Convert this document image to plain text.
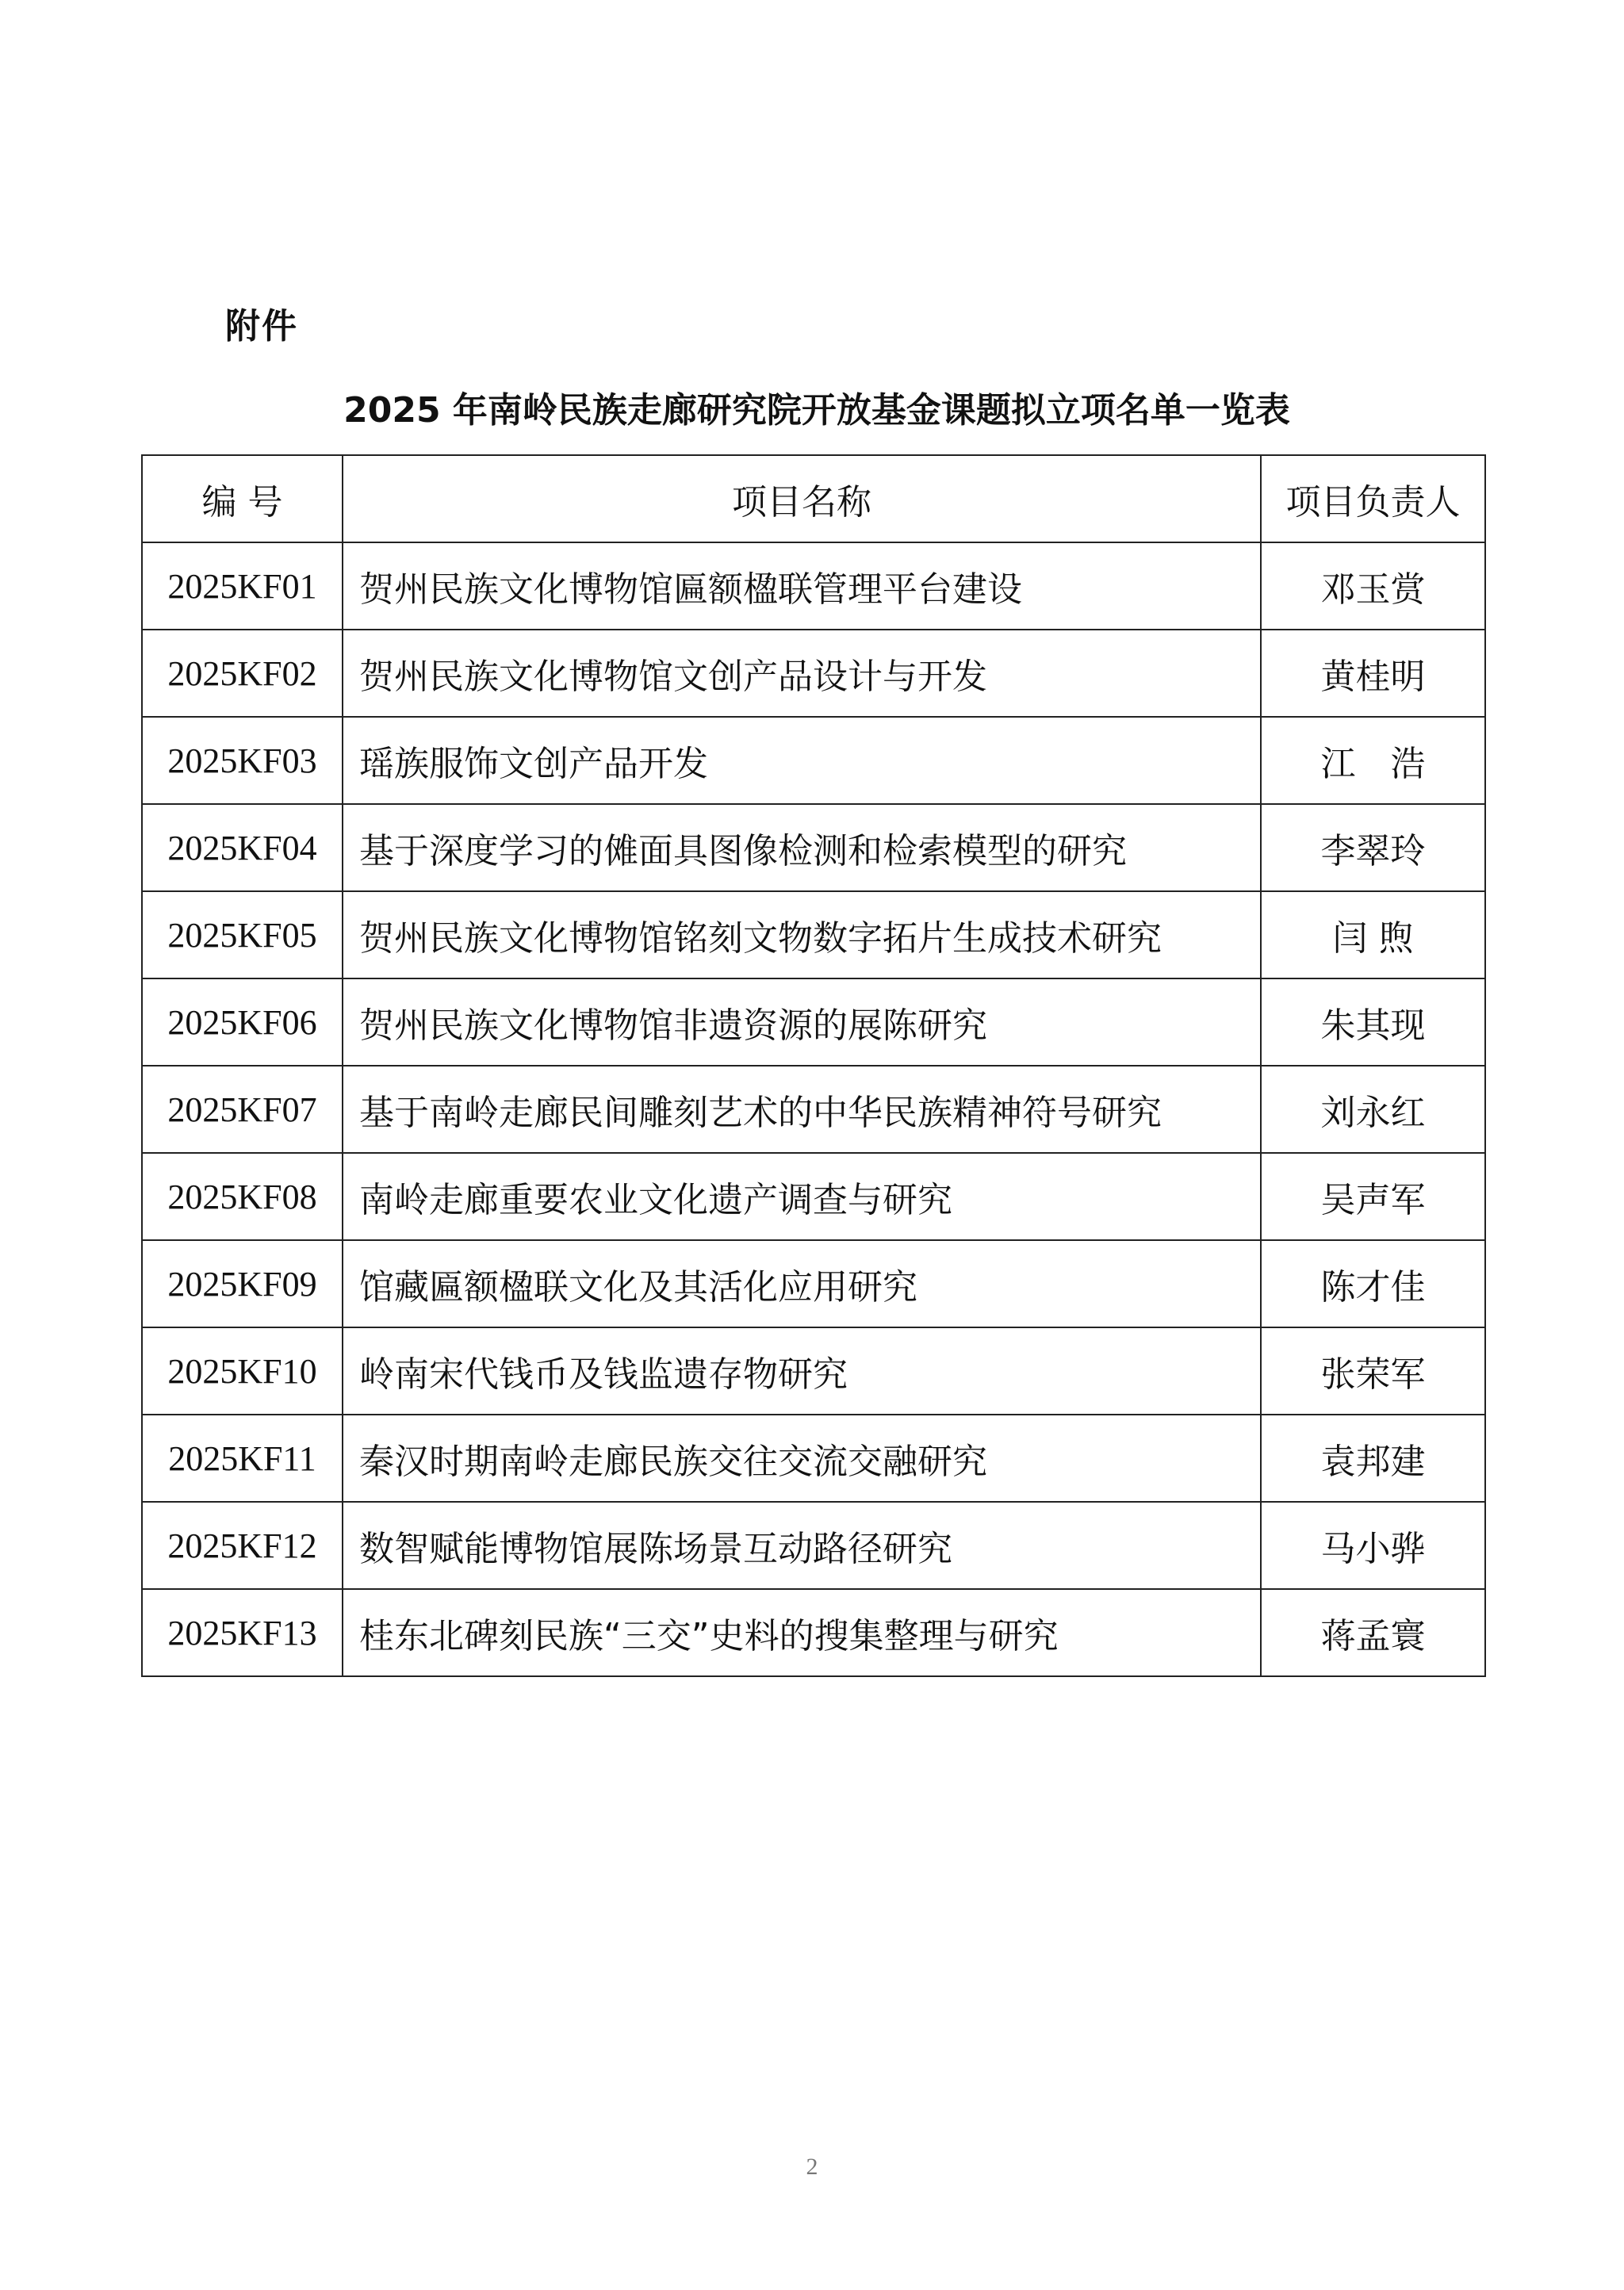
附件
2025 年南岭民族走廊研究院开放基金课题拟立项名单一览表
编 号	项目名称	项目负责人
2025KF01	贺州民族文化博物馆匾额楹联管理平台建设	邓玉赏
2025KF02	贺州民族文化博物馆文创产品设计与开发	黄桂明
2025KF03	瑶族服饰文创产品开发	江　浩
2025KF04	基于深度学习的傩面具图像检测和检索模型的研究	李翠玲
2025KF05	贺州民族文化博物馆铭刻文物数字拓片生成技术研究	闫 煦
2025KF06	贺州民族文化博物馆非遗资源的展陈研究	朱其现
2025KF07	基于南岭走廊民间雕刻艺术的中华民族精神符号研究	刘永红
2025KF08	南岭走廊重要农业文化遗产调查与研究	吴声军
2025KF09	馆藏匾额楹联文化及其活化应用研究	陈才佳
2025KF10	岭南宋代钱币及钱监遗存物研究	张荣军
2025KF11	秦汉时期南岭走廊民族交往交流交融研究	袁邦建
2025KF12	数智赋能博物馆展陈场景互动路径研究	马小骅
2025KF13	桂东北碑刻民族“三交”史料的搜集整理与研究	蒋孟寰
2
